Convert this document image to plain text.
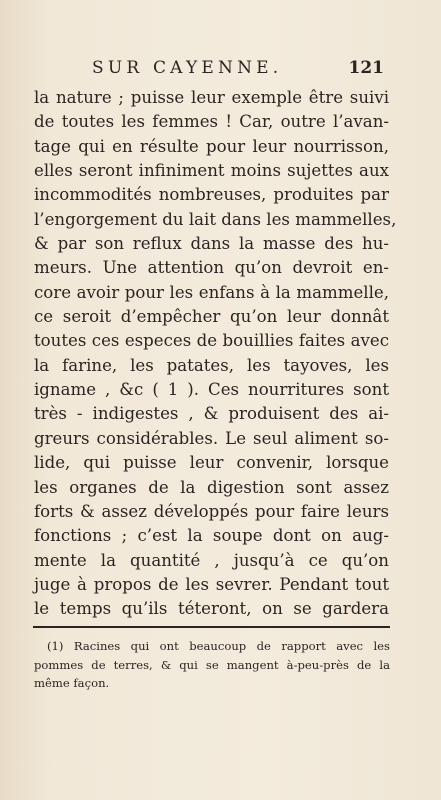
SUR CAYENNE.	121
la nature ; puisse leur exemple être suivi
de toutes les femmes ! Car, outre l’avan-
tage qui en résulte pour leur nourrisson,
elles seront infiniment moins sujettes aux
incommodités nombreuses, produites par
l’engorgement du lait dans les mammelles,
& par son reflux dans la masse des hu-
meurs. Une attention qu’on devroit en-
core avoir pour les enfans à la mammelle,
ce seroit d’empêcher qu’on leur donnât
toutes ces especes de bouillies faites avec
la farine, les patates, les tayoves, les
igname , &c ( 1 ). Ces nourritures sont
très - indigestes , & produisent des ai-
greurs considérables. Le seul aliment so-
lide, qui puisse leur convenir, lorsque
les organes de la digestion sont assez
forts & assez développés pour faire leurs
fonctions ; c’est la soupe dont on aug-
mente la quantité , jusqu’à ce qu’on
juge à propos de les sevrer. Pendant tout
le temps qu’ils téteront, on se gardera
(1) Racines qui ont beaucoup de rapport avec les
pommes de terres, & qui se mangent à-peu-près de la
même façon.
